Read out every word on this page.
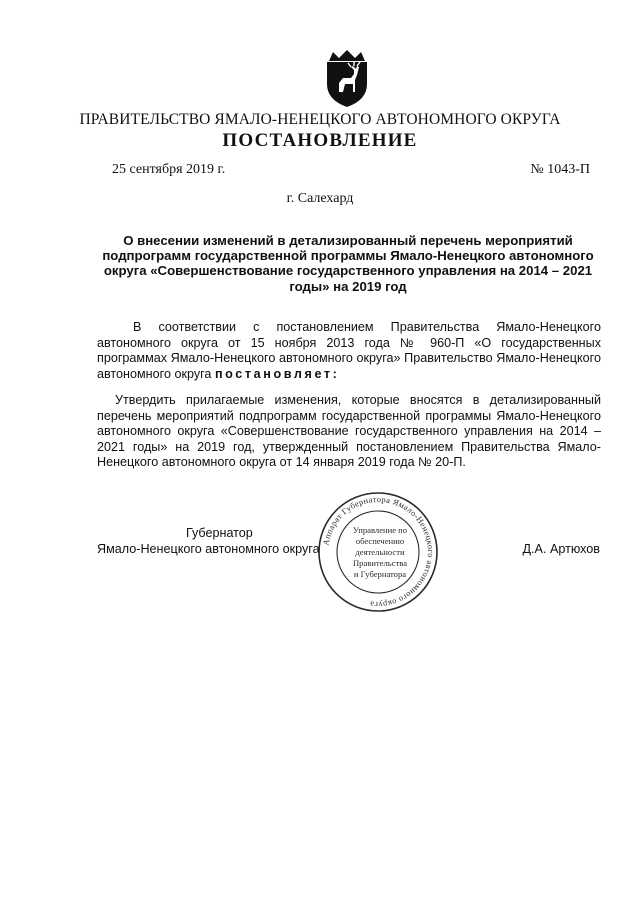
ПРАВИТЕЛЬСТВО ЯМАЛО-НЕНЕЦКОГО АВТОНОМНОГО ОКРУГА
ПОСТАНОВЛЕНИЕ
25 сентября 2019 г.	№ 1043-П
г. Салехард
О внесении изменений в детализированный перечень мероприятий подпрограмм государственной программы Ямало-Ненецкого автономного округа «Совершенствование государственного управления на 2014 – 2021 годы» на 2019 год
В соответствии с постановлением Правительства Ямало-Ненецкого автономного округа от 15 ноября 2013 года № 960-П «О государственных программах Ямало-Ненецкого автономного округа» Правительство Ямало-Ненецкого автономного округа постановляет:
Утвердить прилагаемые изменения, которые вносятся в детализированный перечень мероприятий подпрограмм государственной программы Ямало-Ненецкого автономного округа «Совершенствование государственного управления на 2014 – 2021 годы» на 2019 год, утвержденный постановлением Правительства Ямало-Ненецкого автономного округа от 14 января 2019 года № 20-П.
Губернатор
Ямало-Ненецкого автономного округа	Д.А. Артюхов
Аппарат Губернатора Ямало-Ненецкого автономного округа
Управление по
обеспечению
деятельности
Правительства
и Губернатора
